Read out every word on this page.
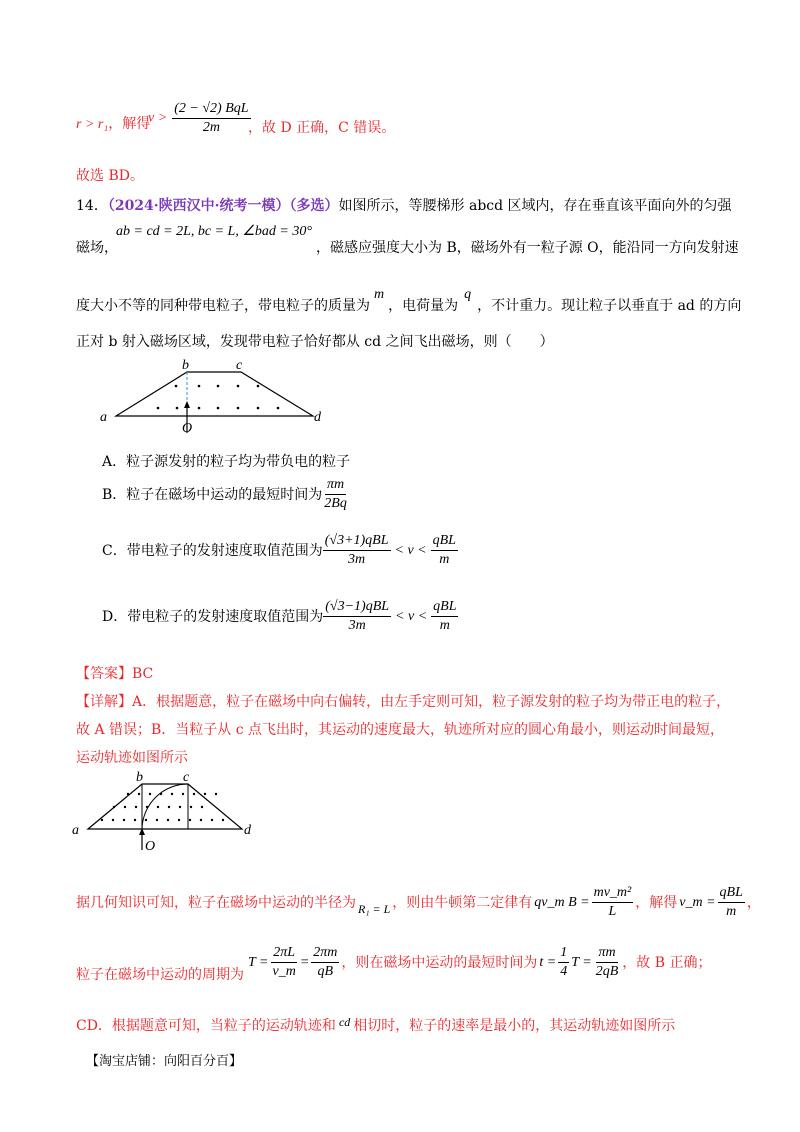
r > r₁，解得
$v > \frac{\text{(2 − √2) BqL}}{2m}$
，故 D 正确，C 错误。
故选 BD。
14．（2024·陕西汉中·统考一模）（多选）如图所示，等腰梯形 abcd 区域内，存在垂直该平面向外的匀强
磁场，
ab = cd = 2L, bc = L, ∠bad = 30°
，磁感应强度大小为 B，磁场外有一粒子源 O，能沿同一方向发射速
度大小不等的同种带电粒子，带电粒子的质量为m，电荷量为q，不计重力。现让粒子以垂直于 ad 的方向
正对 b 射入磁场区域，发现带电粒子恰好都从 cd 之间飞出磁场，则（　　）
a
b	c
d
O
A．粒子源发射的粒子均为带负电的粒子
B．粒子在磁场中运动的最短时间为 $\frac{\pi m}{2Bq}$
C．带电粒子的发射速度取值范围为 $\frac{\text{(√3+1)qBL}}{3m} < v < \frac{\text{qBL}}{m}$
D．带电粒子的发射速度取值范围为 $\frac{\text{(√3−1)qBL}}{3m} < v < \frac{\text{qBL}}{m}$
【答案】BC
【详解】A．根据题意，粒子在磁场中向右偏转，由左手定则可知，粒子源发射的粒子均为带正电的粒子，
故 A 错误；B．当粒子从 c 点飞出时，其运动的速度最大，轨迹所对应的圆心角最小，则运动时间最短，
运动轨迹如图所示
a
b	c
d
O
据几何知识可知，粒子在磁场中运动的半径为 R₁ = L ，则由牛顿第二定律有 qv_m $B = \frac{\text{mv\_m²}}{L}$ ，解得 v_m = $\frac{\text{qBL}}{m}$ ，
粒子在磁场中运动的周期为
$T = \frac{2\pi L}{v\_m} = \frac{2\pi m}{qB}$ ，则在磁场中运动的最短时间为 $t = \frac{1}{4}$ $T = \frac{\pi m}{2qB}$ ，故 B 正确；
CD．根据题意可知，当粒子的运动轨迹和 cd 相切时，粒子的速率是最小的，其运动轨迹如图所示
【淘宝店铺：向阳百分百】
